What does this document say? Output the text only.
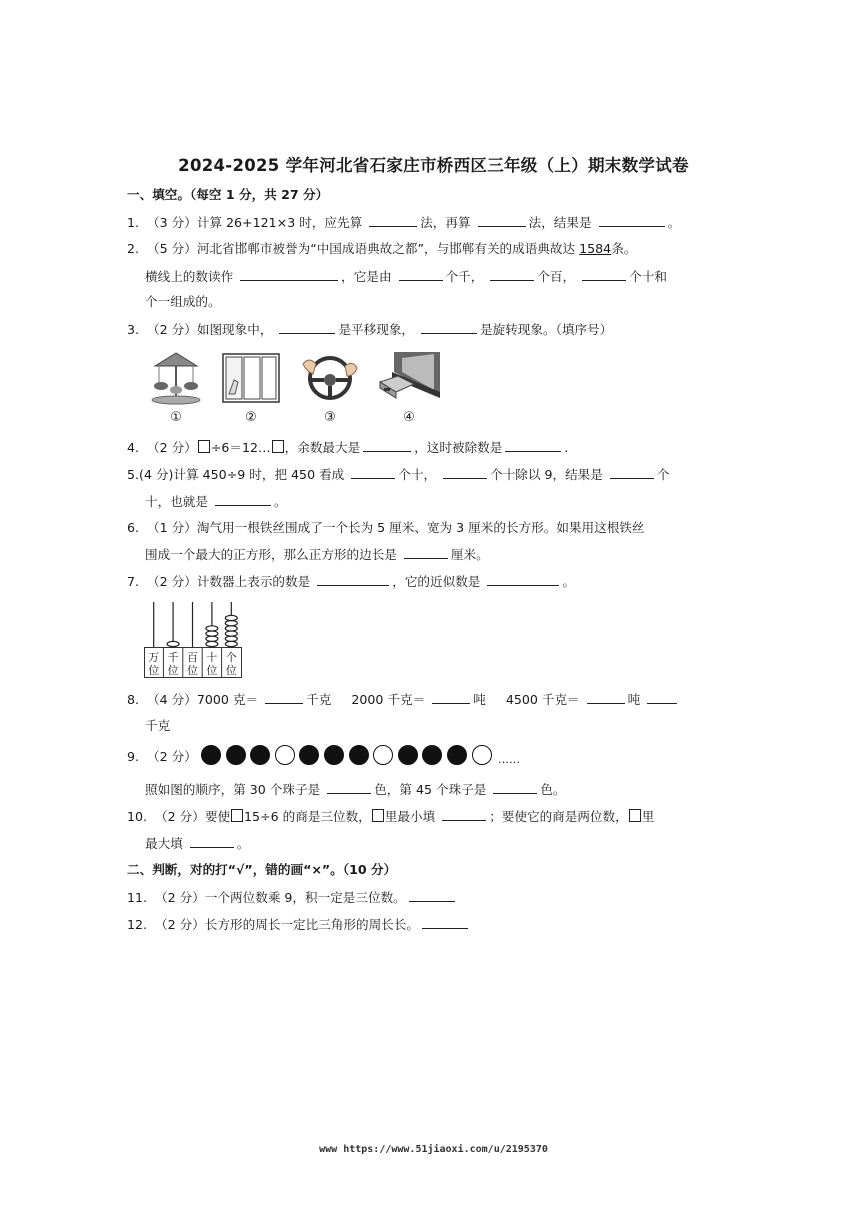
2024-2025 学年河北省石家庄市桥西区三年级（上）期末数学试卷
一、填空。（每空 1 分，共 27 分）
1. （3 分）计算 26+121×3 时，应先算	法，再算	法，结果是	。
2. （5 分）河北省邯郸市被誉为“中国成语典故之都”，与邯郸有关的成语典故达 1584条。
横线上的数读作	，它是由	个千，	个百，	个十和
个一组成的。
3. （2 分）如图现象中，	是平移现象，	是旋转现象。（填序号）
①	②	③	④
4. （2 分） ÷6＝12… ，余数最大是	，这时被除数是	.
5.(4 分)计算 450÷9 时，把 450 看成	个十，	个十除以 9，结果是	个
十，也就是	。
6. （1 分）淘气用一根铁丝围成了一个长为 5 厘米、宽为 3 厘米的长方形。如果用这根铁丝
围成一个最大的正方形，那么正方形的边长是	厘米。
7. （2 分）计数器上表示的数是	，它的近似数是	。
万
位
千
位
百
位
十
位
个
位
8. （4 分）7000 克＝	千克 2000 千克＝	吨 4500 千克＝	吨
千克
9. （2 分）	……
照如图的顺序，第 30 个珠子是	色，第 45 个珠子是	色。
10. （2 分）要使 15÷6 的商是三位数， 里最小填	；要使它的商是两位数， 里
最大填	。
二、判断，对的打“√”，错的画“×”。（10 分）
11. （2 分）一个两位数乘 9，积一定是三位数。
12. （2 分）长方形的周长一定比三角形的周长长。
www https://www.51jiaoxi.com/u/2195370
